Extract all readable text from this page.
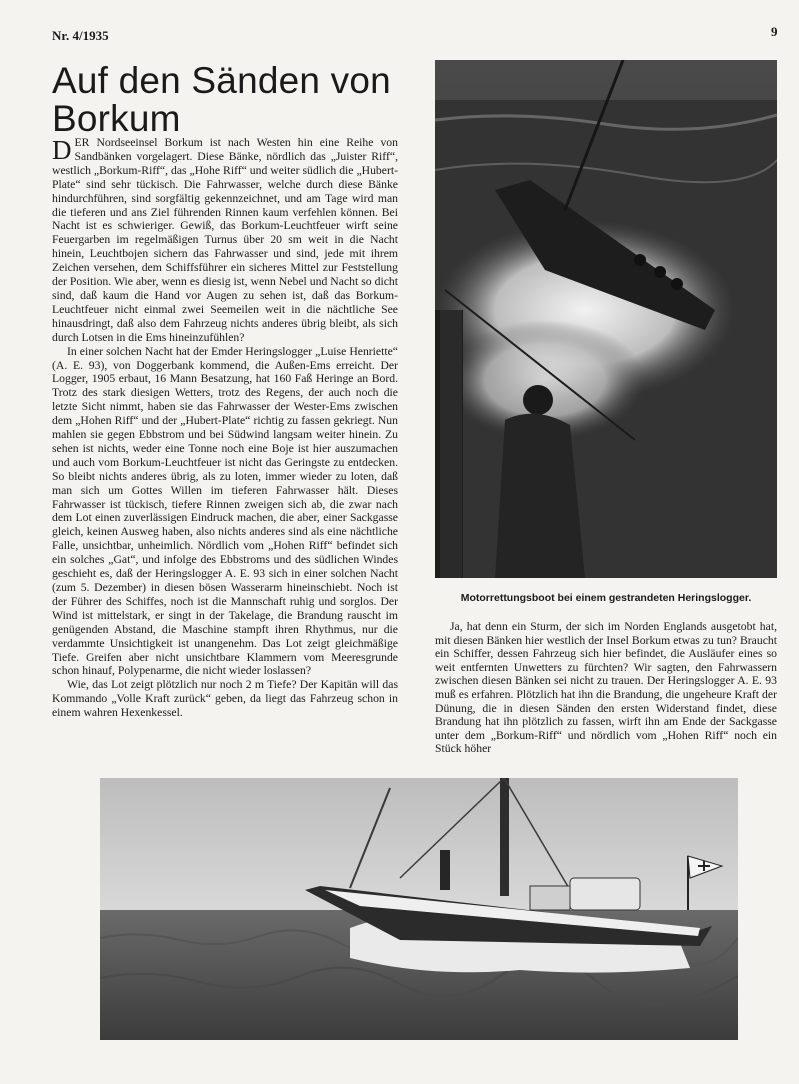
Nr. 4/1935	9
Auf den Sänden von Borkum

DER Nordseeinsel Borkum ist nach Westen hin eine Reihe von Sandbänken vorgelagert. Diese Bänke, nördlich das „Juister Riff“, westlich „Borkum-Riff“, das „Hohe Riff“ und weiter südlich die „Hubert-Plate“ sind sehr tückisch. Die Fahrwasser, welche durch diese Bänke hindurchführen, sind sorgfältig gekennzeichnet, und am Tage wird man die tieferen und ans Ziel führenden Rinnen kaum verfehlen können. Bei Nacht ist es schwieriger. Gewiß, das Borkum-Leuchtfeuer wirft seine Feuergarben im regelmäßigen Turnus über 20 sm weit in die Nacht hinein, Leuchtbojen sichern das Fahrwasser und sind, jede mit ihrem Zeichen versehen, dem Schiffsführer ein sicheres Mittel zur Feststellung der Position. Wie aber, wenn es diesig ist, wenn Nebel und Nacht so dicht sind, daß kaum die Hand vor Augen zu sehen ist, daß das Borkum-Leuchtfeuer nicht einmal zwei Seemeilen weit in die nächtliche See hinausdringt, daß also dem Fahrzeug nichts anderes übrig bleibt, als sich durch Lotsen in die Ems hineinzufühlen?

In einer solchen Nacht hat der Emder Heringslogger „Luise Henriette“ (A. E. 93), von Doggerbank kommend, die Außen-Ems erreicht. Der Logger, 1905 erbaut, 16 Mann Besatzung, hat 160 Faß Heringe an Bord. Trotz des stark diesigen Wetters, trotz des Regens, der auch noch die letzte Sicht nimmt, haben sie das Fahrwasser der Wester-Ems zwischen dem „Hohen Riff“ und der „Hubert-Plate“ richtig zu fassen gekriegt. Nun mahlen sie gegen Ebbstrom und bei Südwind langsam weiter hinein. Zu sehen ist nichts, weder eine Tonne noch eine Boje ist hier auszumachen und auch vom Borkum-Leuchtfeuer ist nicht das Geringste zu entdecken. So bleibt nichts anderes übrig, als zu loten, immer wieder zu loten, daß man sich um Gottes Willen im tieferen Fahrwasser hält. Dieses Fahrwasser ist tückisch, tiefere Rinnen zweigen sich ab, die zwar nach dem Lot einen zuverlässigen Eindruck machen, die aber, einer Sackgasse gleich, keinen Ausweg haben, also nichts anderes sind als eine nächtliche Falle, unsichtbar, unheimlich. Nördlich vom „Hohen Riff“ befindet sich ein solches „Gat“, und infolge des Ebbstroms und des südlichen Windes geschieht es, daß der Heringslogger A. E. 93 sich in einer solchen Nacht (zum 5. Dezember) in diesen bösen Wasserarm hineinschiebt. Noch ist der Führer des Schiffes, noch ist die Mannschaft ruhig und sorglos. Der Wind ist mittelstark, er singt in der Takelage, die Brandung rauscht im genügenden Abstand, die Maschine stampft ihren Rhythmus, nur die verdammte Unsichtigkeit ist unangenehm. Das Lot zeigt gleichmäßige Tiefe. Greifen aber nicht unsichtbare Klammern vom Meeresgrunde schon hinauf, Polypenarme, die nicht wieder loslassen?

Wie, das Lot zeigt plötzlich nur noch 2 m Tiefe? Der Kapitän will das Kommando „Volle Kraft zurück“ geben, da liegt das Fahrzeug schon in einem wahren Hexenkessel.

Motorrettungsboot bei einem gestrandeten Heringslogger.

Ja, hat denn ein Sturm, der sich im Norden Englands ausgetobt hat, mit diesen Bänken hier westlich der Insel Borkum etwas zu tun? Braucht ein Schiffer, dessen Fahrzeug sich hier befindet, die Ausläufer eines so weit entfernten Unwetters zu fürchten? Wir sagten, den Fahrwassern zwischen diesen Bänken sei nicht zu trauen. Der Heringslogger A. E. 93 muß es erfahren. Plötzlich hat ihn die Brandung, die ungeheure Kraft der Dünung, die in diesen Sänden den ersten Widerstand findet, diese Brandung hat ihn plötzlich zu fassen, wirft ihn am Ende der Sackgasse unter dem „Borkum-Riff“ und nördlich vom „Hohen Riff“ noch ein Stück höher
